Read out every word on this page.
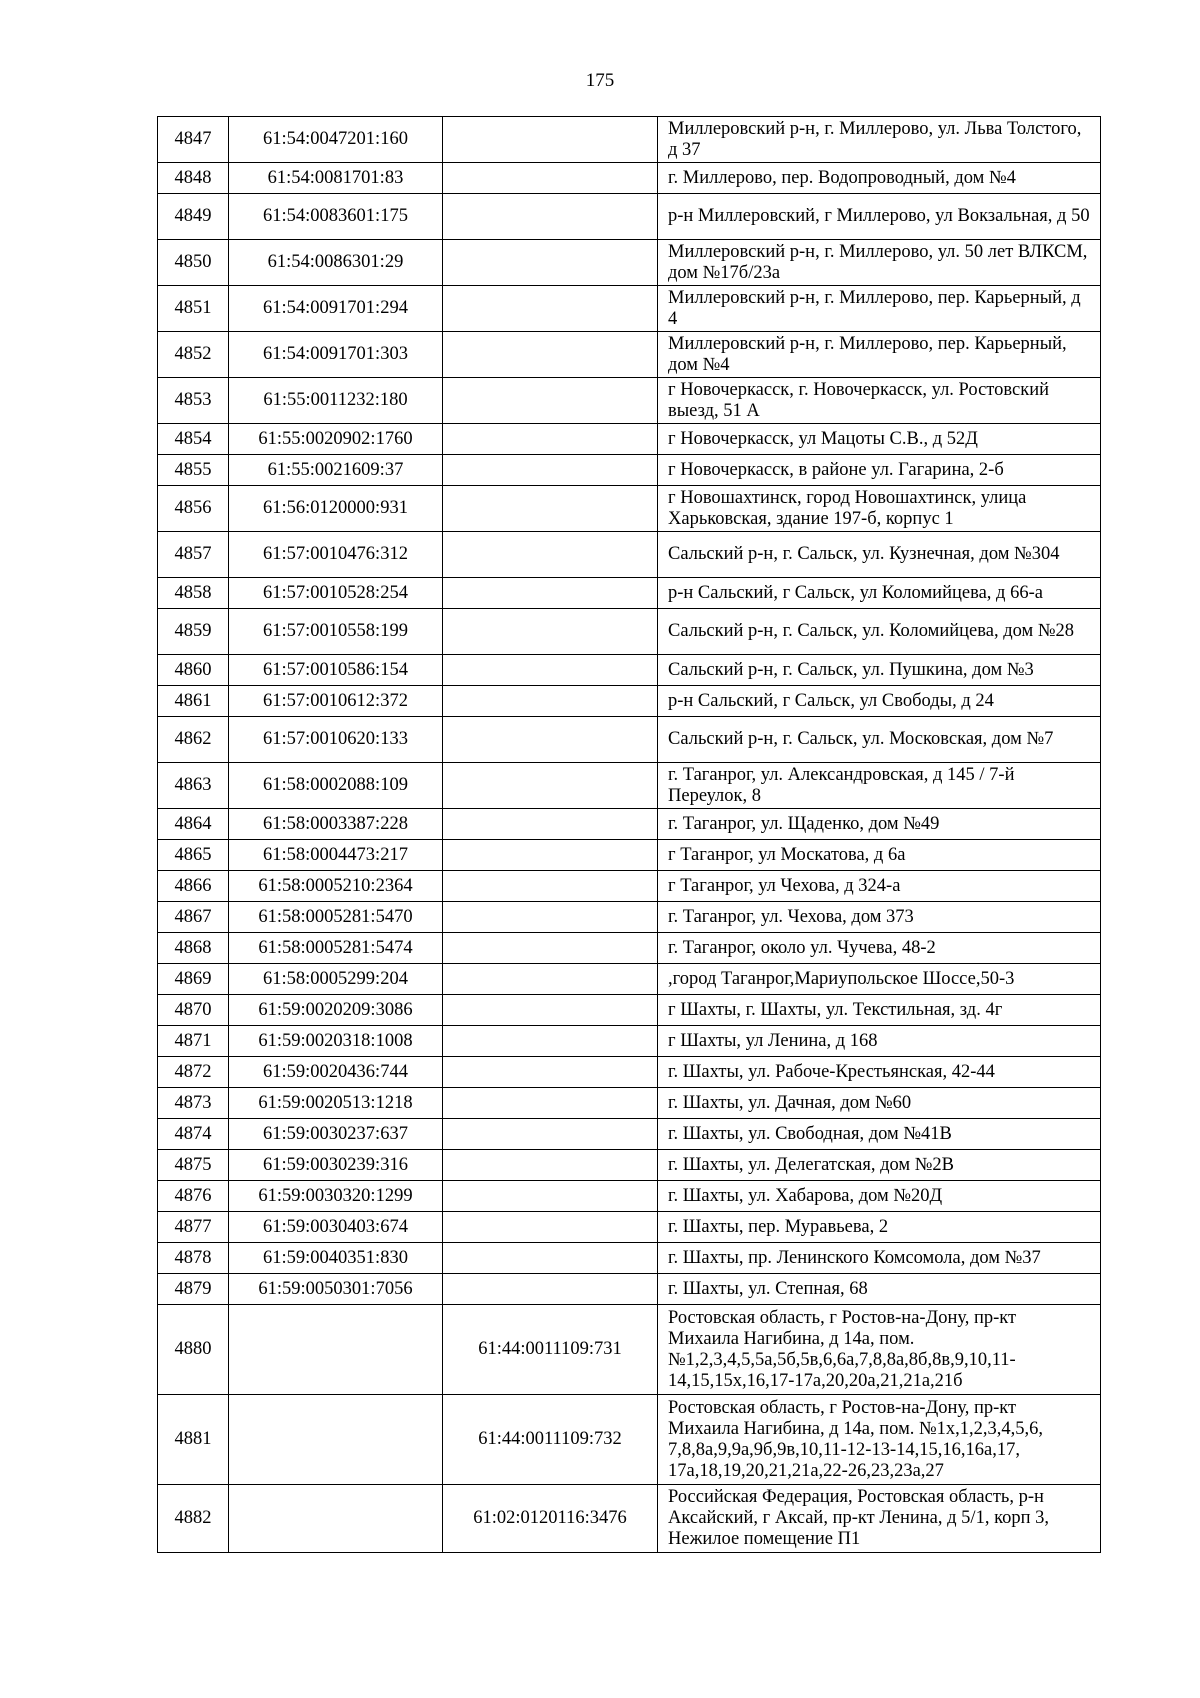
175
4847	61:54:0047201:160		Миллеровский р-н, г. Миллерово, ул. Льва Толстого, д 37
4848	61:54:0081701:83		г. Миллерово, пер. Водопроводный, дом №4
4849	61:54:0083601:175		р-н Миллеровский, г Миллерово, ул Вокзальная, д 50
4850	61:54:0086301:29		Миллеровский р-н, г. Миллерово, ул. 50 лет ВЛКСМ, дом №17б/23а
4851	61:54:0091701:294		Миллеровский р-н, г. Миллерово, пер. Карьерный, д 4
4852	61:54:0091701:303		Миллеровский р-н, г. Миллерово, пер. Карьерный, дом №4
4853	61:55:0011232:180		г Новочеркасск, г. Новочеркасск, ул. Ростовский выезд, 51 А
4854	61:55:0020902:1760		г Новочеркасск, ул Мацоты С.В., д 52Д
4855	61:55:0021609:37		г Новочеркасск, в районе ул. Гагарина, 2-б
4856	61:56:0120000:931		г Новошахтинск, город Новошахтинск, улица Харьковская, здание 197-б, корпус 1
4857	61:57:0010476:312		Сальский р-н, г. Сальск, ул. Кузнечная, дом №304
4858	61:57:0010528:254		р-н Сальский, г Сальск, ул Коломийцева, д 66-а
4859	61:57:0010558:199		Сальский р-н, г. Сальск, ул. Коломийцева, дом №28
4860	61:57:0010586:154		Сальский р-н, г. Сальск, ул. Пушкина, дом №3
4861	61:57:0010612:372		р-н Сальский, г Сальск, ул Свободы, д 24
4862	61:57:0010620:133		Сальский р-н, г. Сальск, ул. Московская, дом №7
4863	61:58:0002088:109		г. Таганрог, ул. Александровская, д 145 / 7-й Переулок, 8
4864	61:58:0003387:228		г. Таганрог, ул. Щаденко, дом №49
4865	61:58:0004473:217		г Таганрог, ул Москатова, д 6а
4866	61:58:0005210:2364		г Таганрог, ул Чехова, д 324-а
4867	61:58:0005281:5470		г. Таганрог, ул. Чехова, дом 373
4868	61:58:0005281:5474		г. Таганрог, около ул. Чучева, 48-2
4869	61:58:0005299:204		,город Таганрог,Мариупольское Шоссе,50-3
4870	61:59:0020209:3086		г Шахты, г. Шахты, ул. Текстильная, зд. 4г
4871	61:59:0020318:1008		г Шахты, ул Ленина, д 168
4872	61:59:0020436:744		г. Шахты, ул. Рабоче-Крестьянская, 42-44
4873	61:59:0020513:1218		г. Шахты, ул. Дачная, дом №60
4874	61:59:0030237:637		г. Шахты, ул. Свободная, дом №41В
4875	61:59:0030239:316		г. Шахты, ул. Делегатская, дом №2В
4876	61:59:0030320:1299		г. Шахты, ул. Хабарова, дом №20Д
4877	61:59:0030403:674		г. Шахты, пер. Муравьева, 2
4878	61:59:0040351:830		г. Шахты, пр. Ленинского Комсомола, дом №37
4879	61:59:0050301:7056		г. Шахты, ул. Степная, 68
4880		61:44:0011109:731	Ростовская область, г Ростов-на-Дону, пр-кт Михаила Нагибина, д 14а, пом.№1,2,3,4,5,5а,5б,5в,6,6а,7,8,8а,8б,8в,9,10,11-14,15,15х,16,17-17а,20,20а,21,21а,21б
4881		61:44:0011109:732	Ростовская область, г Ростов-на-Дону, пр-кт Михаила Нагибина, д 14а, пом. №1х,1,2,3,4,5,6, 7,8,8а,9,9а,9б,9в,10,11-12-13-14,15,16,16а,17, 17а,18,19,20,21,21а,22-26,23,23а,27
4882		61:02:0120116:3476	Российская Федерация, Ростовская область, р-н Аксайский, г Аксай, пр-кт Ленина, д 5/1, корп 3, Нежилое помещение П1
